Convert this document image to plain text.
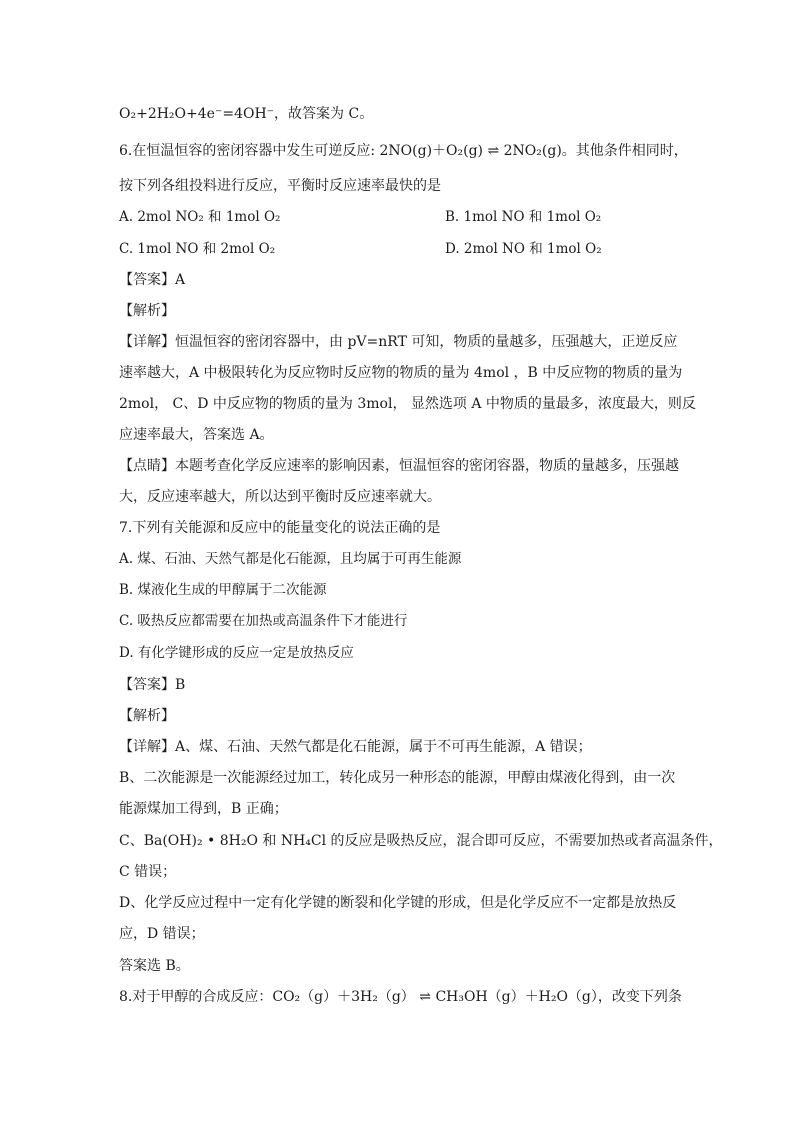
O₂+2H₂O+4e⁻=4OH⁻，故答案为 C。
6.在恒温恒容的密闭容器中发生可逆反应: 2NO(g)＋O₂(g) ⇌ 2NO₂(g)。其他条件相同时，
按下列各组投料进行反应，平衡时反应速率最快的是
A. 2mol NO₂ 和 1mol O₂	B. 1mol NO 和 1mol O₂
C. 1mol NO 和 2mol O₂	D. 2mol NO 和 1mol O₂
【答案】A
【解析】
【详解】恒温恒容的密闭容器中，由 pV=nRT 可知，物质的量越多，压强越大，正逆反应
速率越大，A 中极限转化为反应物时反应物的物质的量为 4mol ，B 中反应物的物质的量为
2mol， C、D 中反应物的物质的量为 3mol， 显然选项 A 中物质的量最多，浓度最大，则反
应速率最大，答案选 A。
【点睛】本题考查化学反应速率的影响因素，恒温恒容的密闭容器，物质的量越多，压强越
大，反应速率越大，所以达到平衡时反应速率就大。
7.下列有关能源和反应中的能量变化的说法正确的是
A. 煤、石油、天然气都是化石能源，且均属于可再生能源
B. 煤液化生成的甲醇属于二次能源
C. 吸热反应都需要在加热或高温条件下才能进行
D. 有化学键形成的反应一定是放热反应
【答案】B
【解析】
【详解】A、煤、石油、天然气都是化石能源，属于不可再生能源，A 错误；
B、二次能源是一次能源经过加工，转化成另一种形态的能源，甲醇由煤液化得到，由一次
能源煤加工得到，B 正确；
C、Ba(OH)₂ • 8H₂O 和 NH₄Cl 的反应是吸热反应，混合即可反应，不需要加热或者高温条件，
C 错误；
D、化学反应过程中一定有化学键的断裂和化学键的形成，但是化学反应不一定都是放热反
应，D 错误；
答案选 B。
8.对于甲醇的合成反应：CO₂（g）＋3H₂（g） ⇌ CH₃OH（g）＋H₂O（g），改变下列条
